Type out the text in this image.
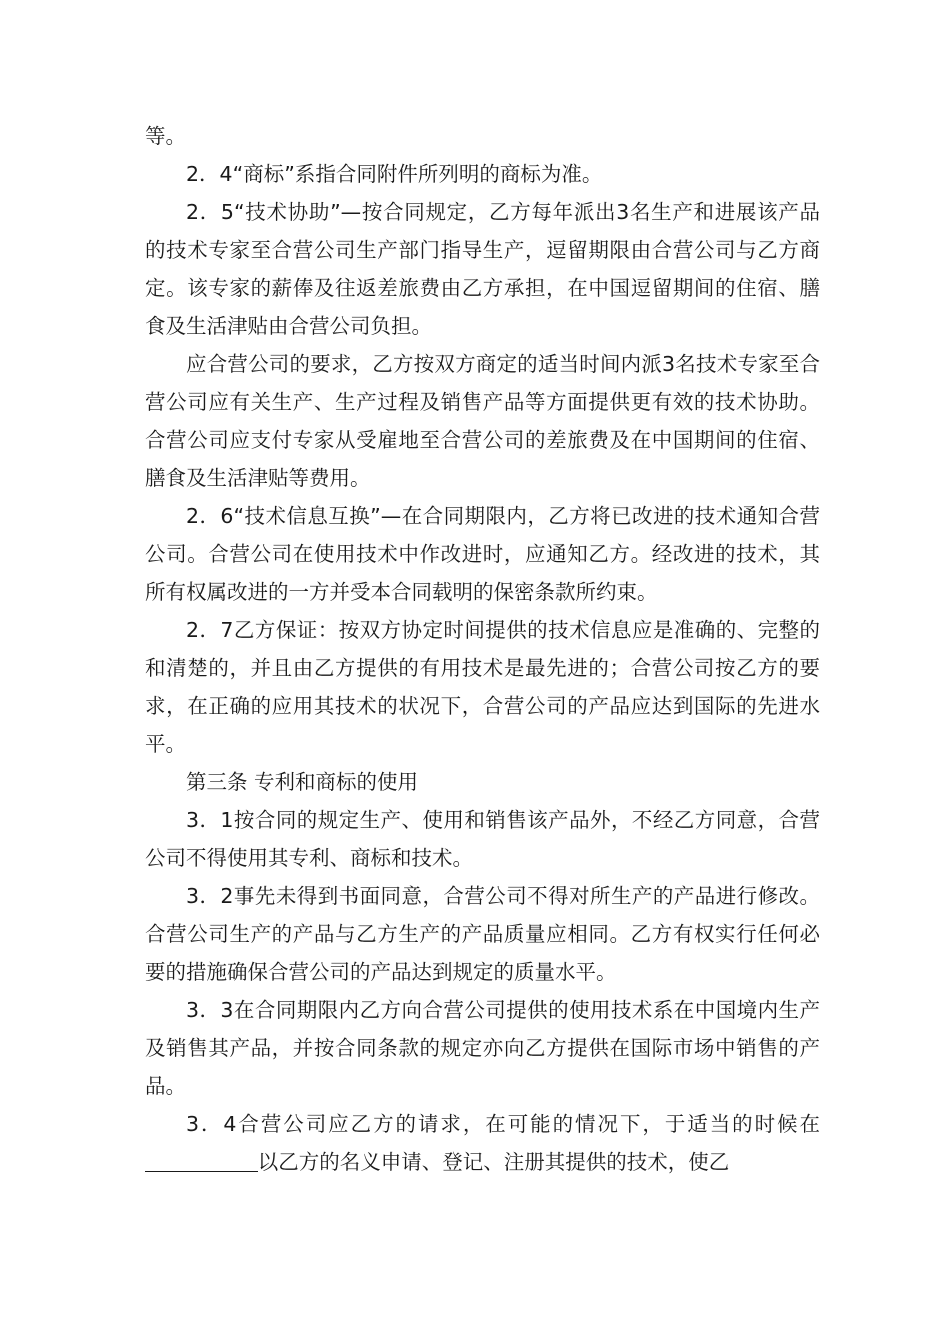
等。

2．4“商标”系指合同附件所列明的商标为准。

2．5“技术协助”—按合同规定，乙方每年派出3名生产和进展该产品的技术专家至合营公司生产部门指导生产，逗留期限由合营公司与乙方商定。该专家的薪俸及往返差旅费由乙方承担，在中国逗留期间的住宿、膳食及生活津贴由合营公司负担。

应合营公司的要求，乙方按双方商定的适当时间内派3名技术专家至合营公司应有关生产、生产过程及销售产品等方面提供更有效的技术协助。合营公司应支付专家从受雇地至合营公司的差旅费及在中国期间的住宿、膳食及生活津贴等费用。

2．6“技术信息互换”—在合同期限内，乙方将已改进的技术通知合营公司。合营公司在使用技术中作改进时，应通知乙方。经改进的技术，其所有权属改进的一方并受本合同载明的保密条款所约束。

2．7乙方保证：按双方协定时间提供的技术信息应是准确的、完整的和清楚的，并且由乙方提供的有用技术是最先进的；合营公司按乙方的要求，在正确的应用其技术的状况下，合营公司的产品应达到国际的先进水平。

第三条 专利和商标的使用

3．1按合同的规定生产、使用和销售该产品外，不经乙方同意，合营公司不得使用其专利、商标和技术。

3．2事先未得到书面同意，合营公司不得对所生产的产品进行修改。合营公司生产的产品与乙方生产的产品质量应相同。乙方有权实行任何必要的措施确保合营公司的产品达到规定的质量水平。

3．3在合同期限内乙方向合营公司提供的使用技术系在中国境内生产及销售其产品，并按合同条款的规定亦向乙方提供在国际市场中销售的产品。

3．4合营公司应乙方的请求，在可能的情况下，于适当的时候在以乙方的名义申请、登记、注册其提供的技术，使乙
